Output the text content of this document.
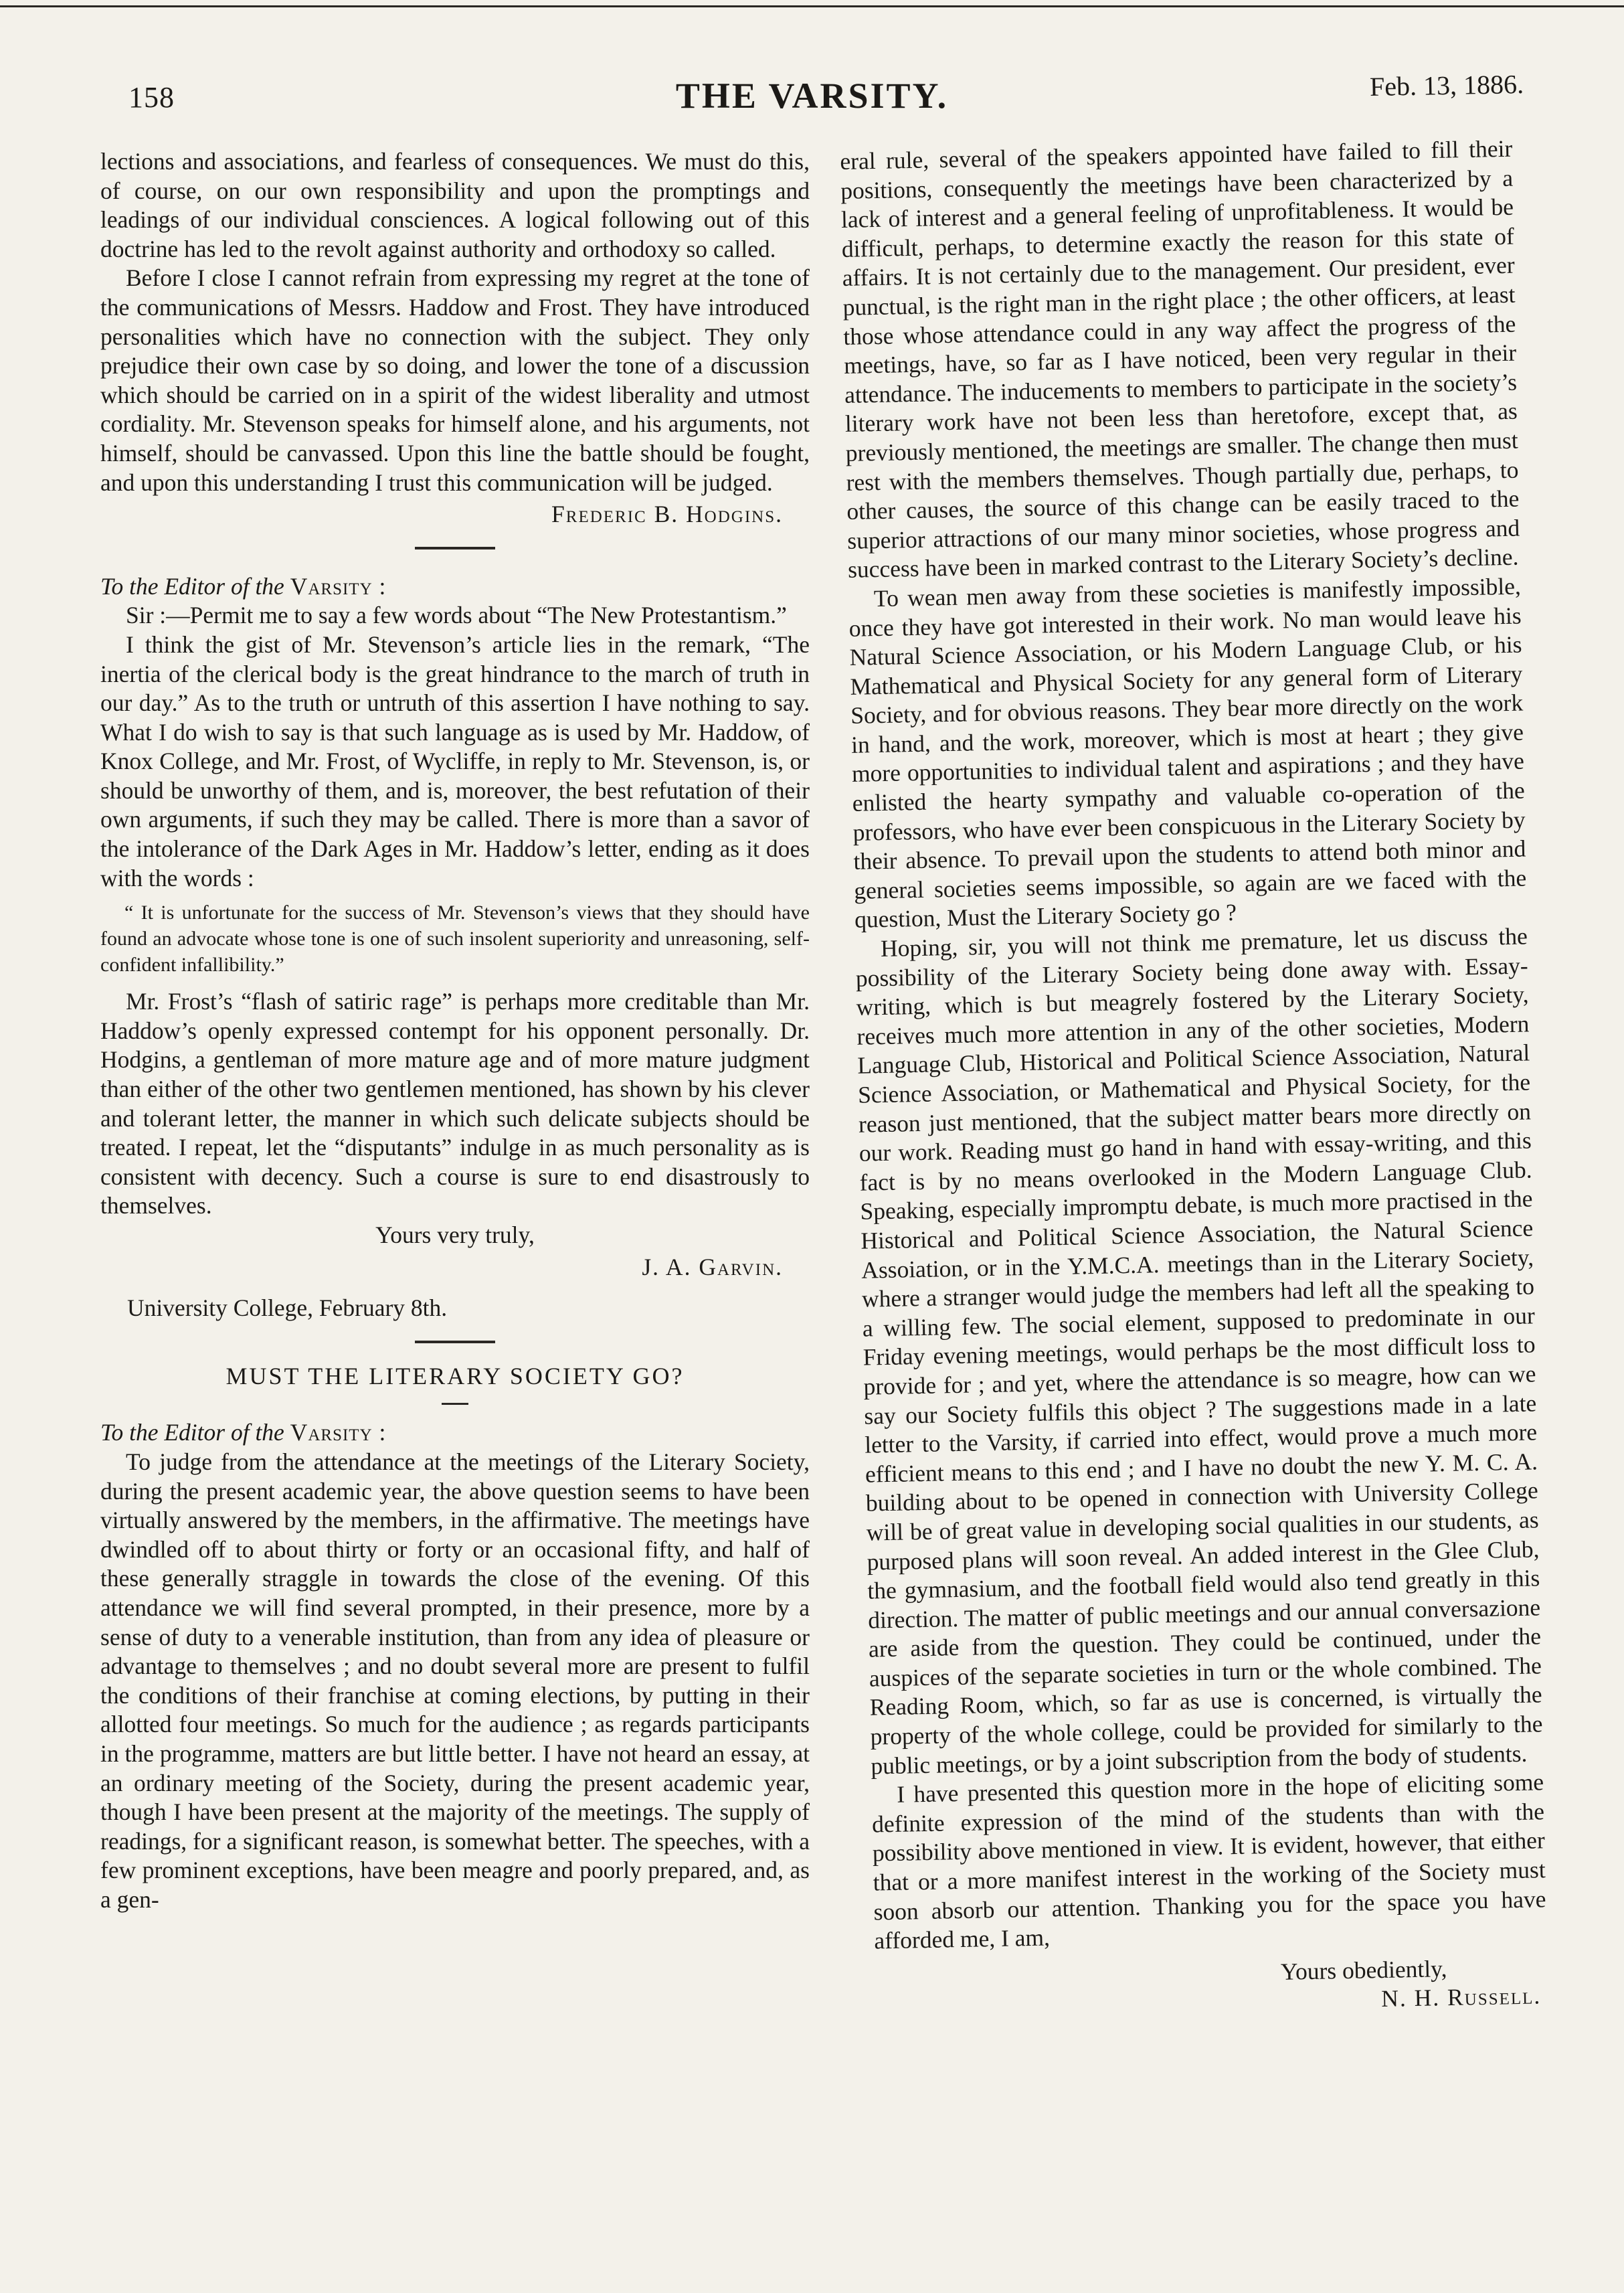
158	THE VARSITY.	Feb. 13, 1886.

lections and associations, and fearless of consequences. We must do this, of course, on our own responsibility and upon the promptings and leadings of our individual consciences. A logical following out of this doctrine has led to the revolt against authority and orthodoxy so called.

Before I close I cannot refrain from expressing my regret at the tone of the communications of Messrs. Haddow and Frost. They have introduced personalities which have no connection with the subject. They only prejudice their own case by so doing, and lower the tone of a discussion which should be carried on in a spirit of the widest liberality and utmost cordiality. Mr. Stevenson speaks for himself alone, and his arguments, not himself, should be canvassed. Upon this line the battle should be fought, and upon this understanding I trust this communication will be judged.

Frederic B. Hodgins.

To the Editor of the Varsity :

Sir :—Permit me to say a few words about “The New Protestantism.”

I think the gist of Mr. Stevenson’s article lies in the remark, “The inertia of the clerical body is the great hindrance to the march of truth in our day.” As to the truth or untruth of this assertion I have nothing to say. What I do wish to say is that such language as is used by Mr. Haddow, of Knox College, and Mr. Frost, of Wycliffe, in reply to Mr. Stevenson, is, or should be unworthy of them, and is, moreover, the best refutation of their own arguments, if such they may be called. There is more than a savor of the intolerance of the Dark Ages in Mr. Haddow’s letter, ending as it does with the words :

“ It is unfortunate for the success of Mr. Stevenson’s views that they should have found an advocate whose tone is one of such insolent superiority and unreasoning, self-confident infallibility.”

Mr. Frost’s “flash of satiric rage” is perhaps more creditable than Mr. Haddow’s openly expressed contempt for his opponent personally. Dr. Hodgins, a gentleman of more mature age and of more mature judgment than either of the other two gentlemen mentioned, has shown by his clever and tolerant letter, the manner in which such delicate subjects should be treated. I repeat, let the “disputants” indulge in as much personality as is consistent with decency. Such a course is sure to end disastrously to themselves.

Yours very truly,
J. A. Garvin.
University College, February 8th.
MUST THE LITERARY SOCIETY GO?

To the Editor of the Varsity :

To judge from the attendance at the meetings of the Literary Society, during the present academic year, the above question seems to have been virtually answered by the members, in the affirmative. The meetings have dwindled off to about thirty or forty or an occasional fifty, and half of these generally straggle in towards the close of the evening. Of this attendance we will find several prompted, in their presence, more by a sense of duty to a venerable institution, than from any idea of pleasure or advantage to themselves ; and no doubt several more are present to fulfil the conditions of their franchise at coming elections, by putting in their allotted four meetings. So much for the audience ; as regards participants in the programme, matters are but little better. I have not heard an essay, at an ordinary meeting of the Society, during the present academic year, though I have been present at the majority of the meetings. The supply of readings, for a significant reason, is somewhat better. The speeches, with a few prominent exceptions, have been meagre and poorly prepared, and, as a gen-

eral rule, several of the speakers appointed have failed to fill their positions, consequently the meetings have been characterized by a lack of interest and a general feeling of unprofitableness. It would be difficult, perhaps, to determine exactly the reason for this state of affairs. It is not certainly due to the management. Our president, ever punctual, is the right man in the right place ; the other officers, at least those whose attendance could in any way affect the progress of the meetings, have, so far as I have noticed, been very regular in their attendance. The inducements to members to participate in the society’s literary work have not been less than heretofore, except that, as previously mentioned, the meetings are smaller. The change then must rest with the members themselves. Though partially due, perhaps, to other causes, the source of this change can be easily traced to the superior attractions of our many minor societies, whose progress and success have been in marked contrast to the Literary Society’s decline.

To wean men away from these societies is manifestly impossible, once they have got interested in their work. No man would leave his Natural Science Association, or his Modern Language Club, or his Mathematical and Physical Society for any general form of Literary Society, and for obvious reasons. They bear more directly on the work in hand, and the work, moreover, which is most at heart ; they give more opportunities to individual talent and aspirations ; and they have enlisted the hearty sympathy and valuable co-operation of the professors, who have ever been conspicuous in the Literary Society by their absence. To prevail upon the students to attend both minor and general societies seems impossible, so again are we faced with the question, Must the Literary Society go ?

Hoping, sir, you will not think me premature, let us discuss the possibility of the Literary Society being done away with. Essay-writing, which is but meagrely fostered by the Literary Society, receives much more attention in any of the other societies, Modern Language Club, Historical and Political Science Association, Natural Science Association, or Mathematical and Physical Society, for the reason just mentioned, that the subject matter bears more directly on our work. Reading must go hand in hand with essay-writing, and this fact is by no means overlooked in the Modern Language Club. Speaking, especially impromptu debate, is much more practised in the Historical and Political Science Association, the Natural Science Assoiation, or in the Y.M.C.A. meetings than in the Literary Society, where a stranger would judge the members had left all the speaking to a willing few. The social element, supposed to predominate in our Friday evening meetings, would perhaps be the most difficult loss to provide for ; and yet, where the attendance is so meagre, how can we say our Society fulfils this object ? The suggestions made in a late letter to the Varsity, if carried into effect, would prove a much more efficient means to this end ; and I have no doubt the new Y. M. C. A. building about to be opened in connection with University College will be of great value in developing social qualities in our students, as purposed plans will soon reveal. An added interest in the Glee Club, the gymnasium, and the football field would also tend greatly in this direction. The matter of public meetings and our annual conversazione are aside from the question. They could be continued, under the auspices of the separate societies in turn or the whole combined. The Reading Room, which, so far as use is concerned, is virtually the property of the whole college, could be provided for similarly to the public meetings, or by a joint subscription from the body of students.

I have presented this question more in the hope of eliciting some definite expression of the mind of the students than with the possibility above mentioned in view. It is evident, however, that either that or a more manifest interest in the working of the Society must soon absorb our attention. Thanking you for the space you have afforded me, I am,

Yours obediently,
N. H. Russell.
